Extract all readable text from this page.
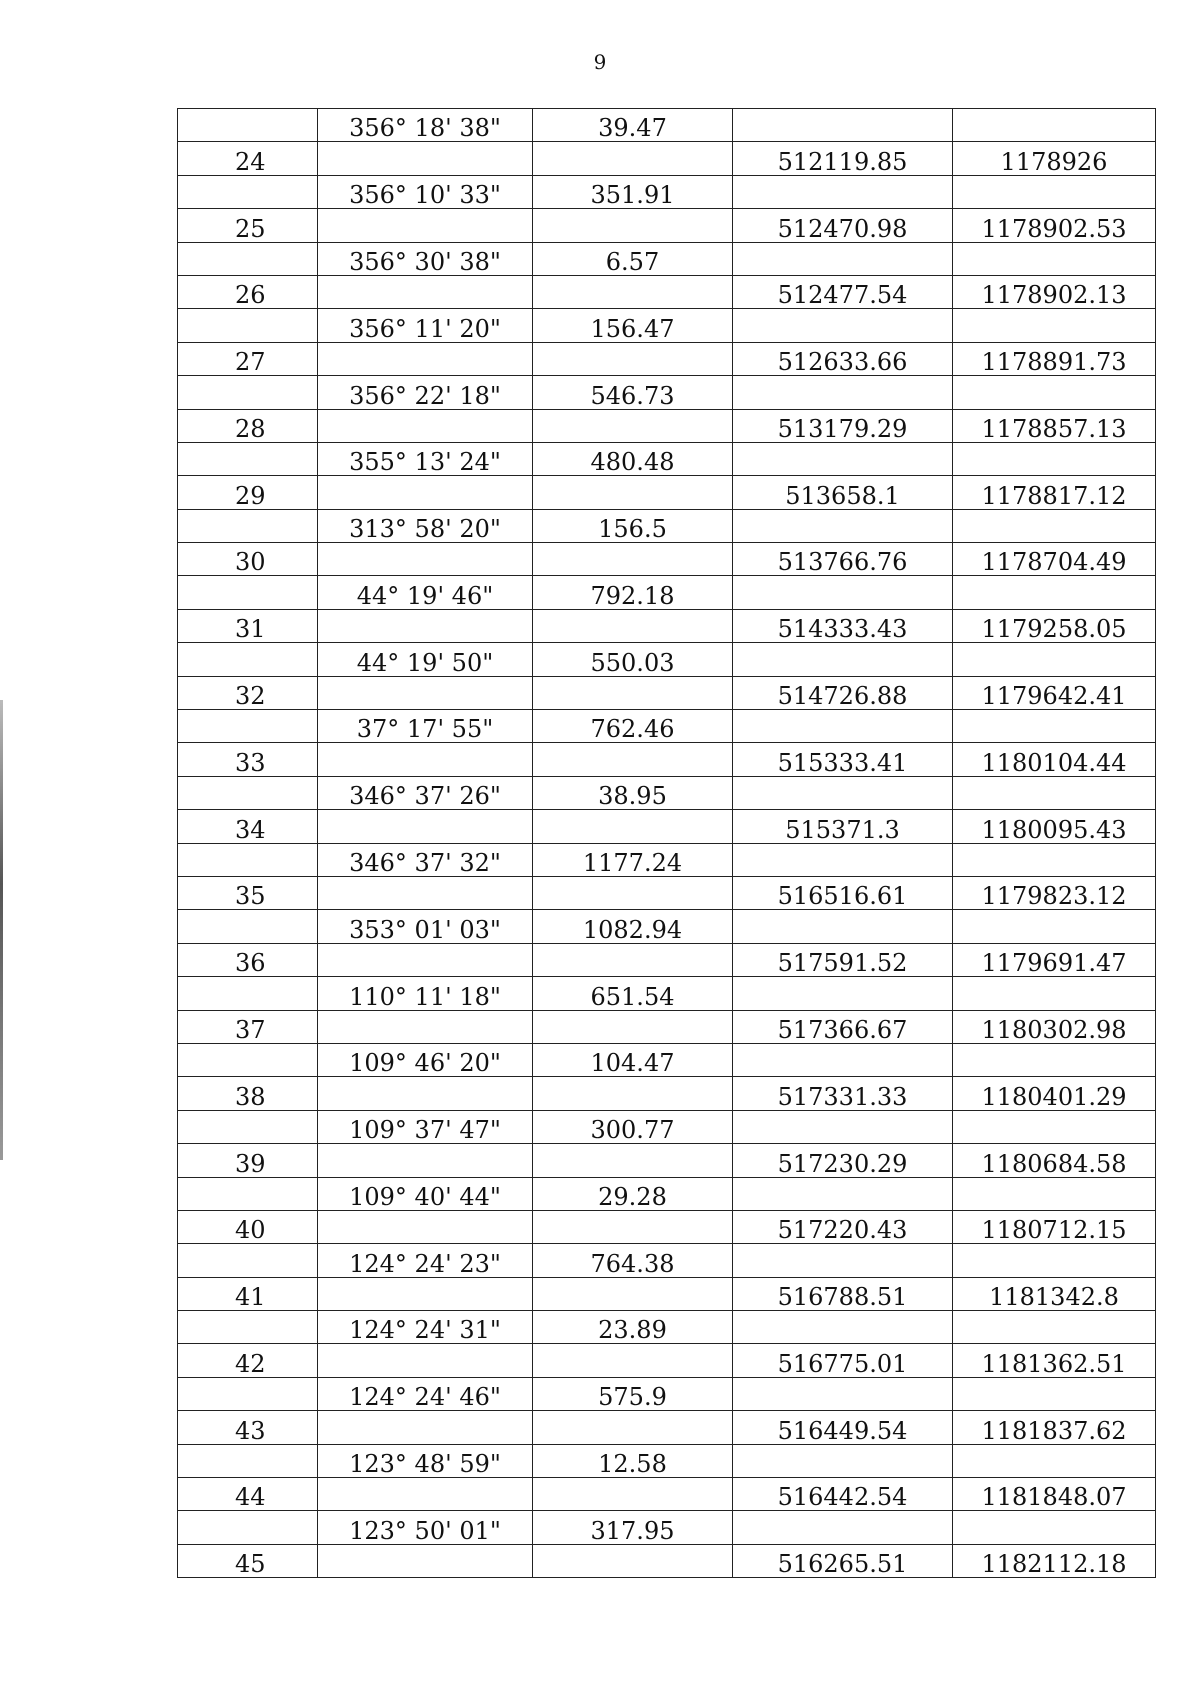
9
	356° 18' 38"	39.47		
24			512119.85	1178926
	356° 10' 33"	351.91		
25			512470.98	1178902.53
	356° 30' 38"	6.57		
26			512477.54	1178902.13
	356° 11' 20"	156.47		
27			512633.66	1178891.73
	356° 22' 18"	546.73		
28			513179.29	1178857.13
	355° 13' 24"	480.48		
29			513658.1	1178817.12
	313° 58' 20"	156.5		
30			513766.76	1178704.49
	44° 19' 46"	792.18		
31			514333.43	1179258.05
	44° 19' 50"	550.03		
32			514726.88	1179642.41
	37° 17' 55"	762.46		
33			515333.41	1180104.44
	346° 37' 26"	38.95		
34			515371.3	1180095.43
	346° 37' 32"	1177.24		
35			516516.61	1179823.12
	353° 01' 03"	1082.94		
36			517591.52	1179691.47
	110° 11' 18"	651.54		
37			517366.67	1180302.98
	109° 46' 20"	104.47		
38			517331.33	1180401.29
	109° 37' 47"	300.77		
39			517230.29	1180684.58
	109° 40' 44"	29.28		
40			517220.43	1180712.15
	124° 24' 23"	764.38		
41			516788.51	1181342.8
	124° 24' 31"	23.89		
42			516775.01	1181362.51
	124° 24' 46"	575.9		
43			516449.54	1181837.62
	123° 48' 59"	12.58		
44			516442.54	1181848.07
	123° 50' 01"	317.95		
45			516265.51	1182112.18
